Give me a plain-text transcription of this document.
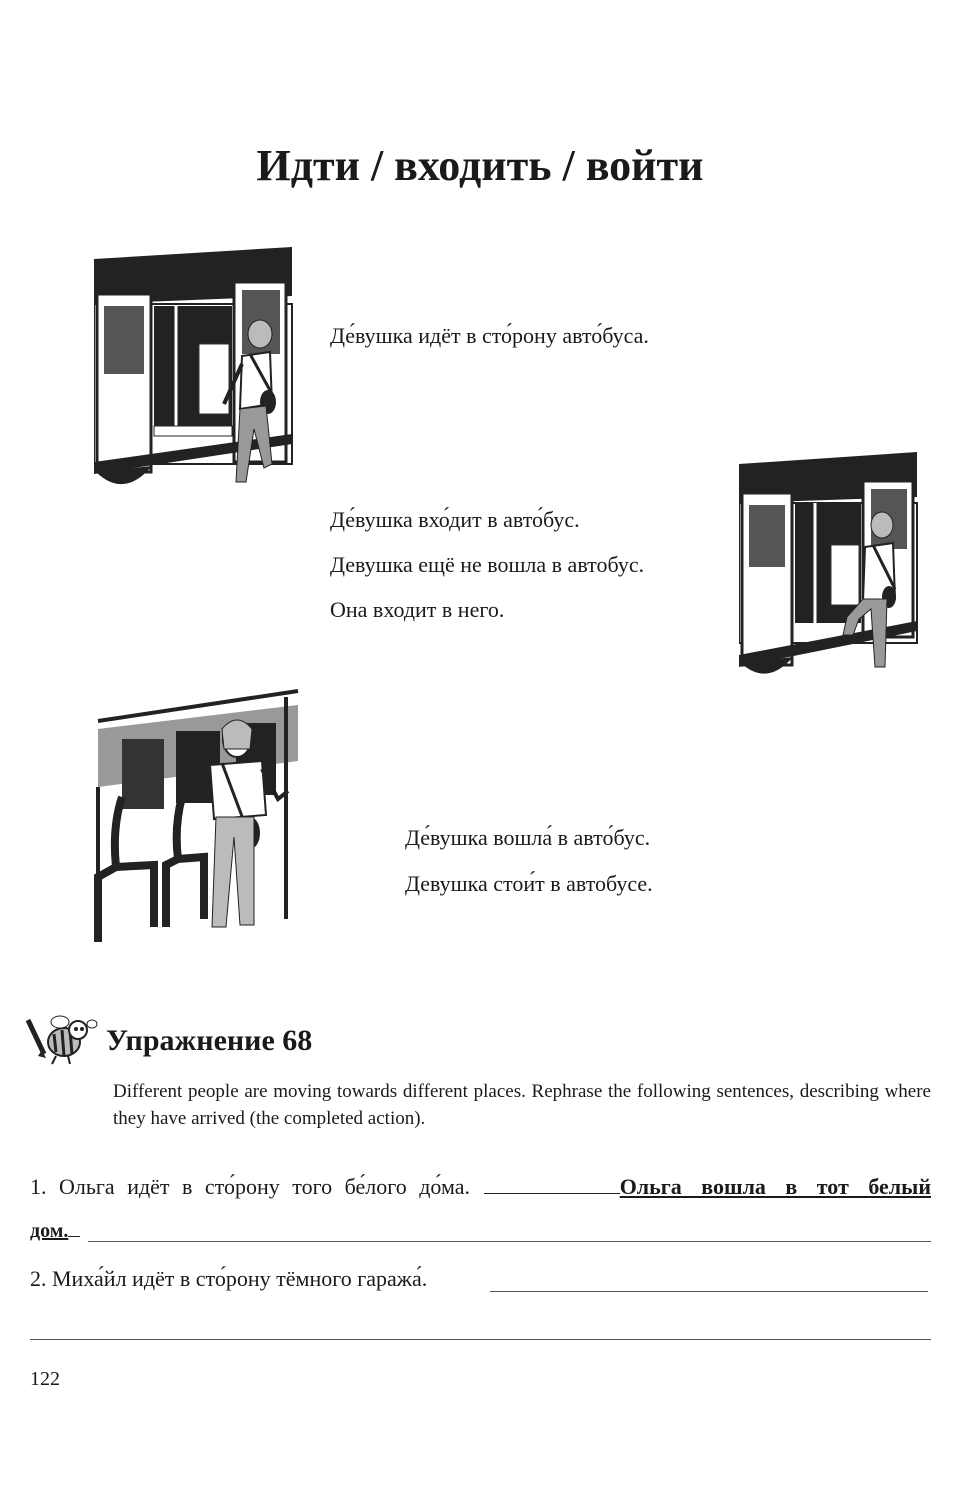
Идти / входить / войти
Де́вушка идёт в сто́рону авто́буса.
Де́вушка вхо́дит в авто́бус.
Девушка ещё не вошла в автобус.
Она входит в него.
Де́вушка вошла́ в авто́бус.
Девушка стои́т в автобусе.
Упражнение 68
Different people are moving towards different places. Rephrase the following sentences, describing where they have arrived (the completed action).
1. Ольга идёт в сто́рону того бе́лого до́ма.	Ольга вошла в тот белый
дом.
2. Миха́йл идёт в сто́рону тёмного гаража́.
122
